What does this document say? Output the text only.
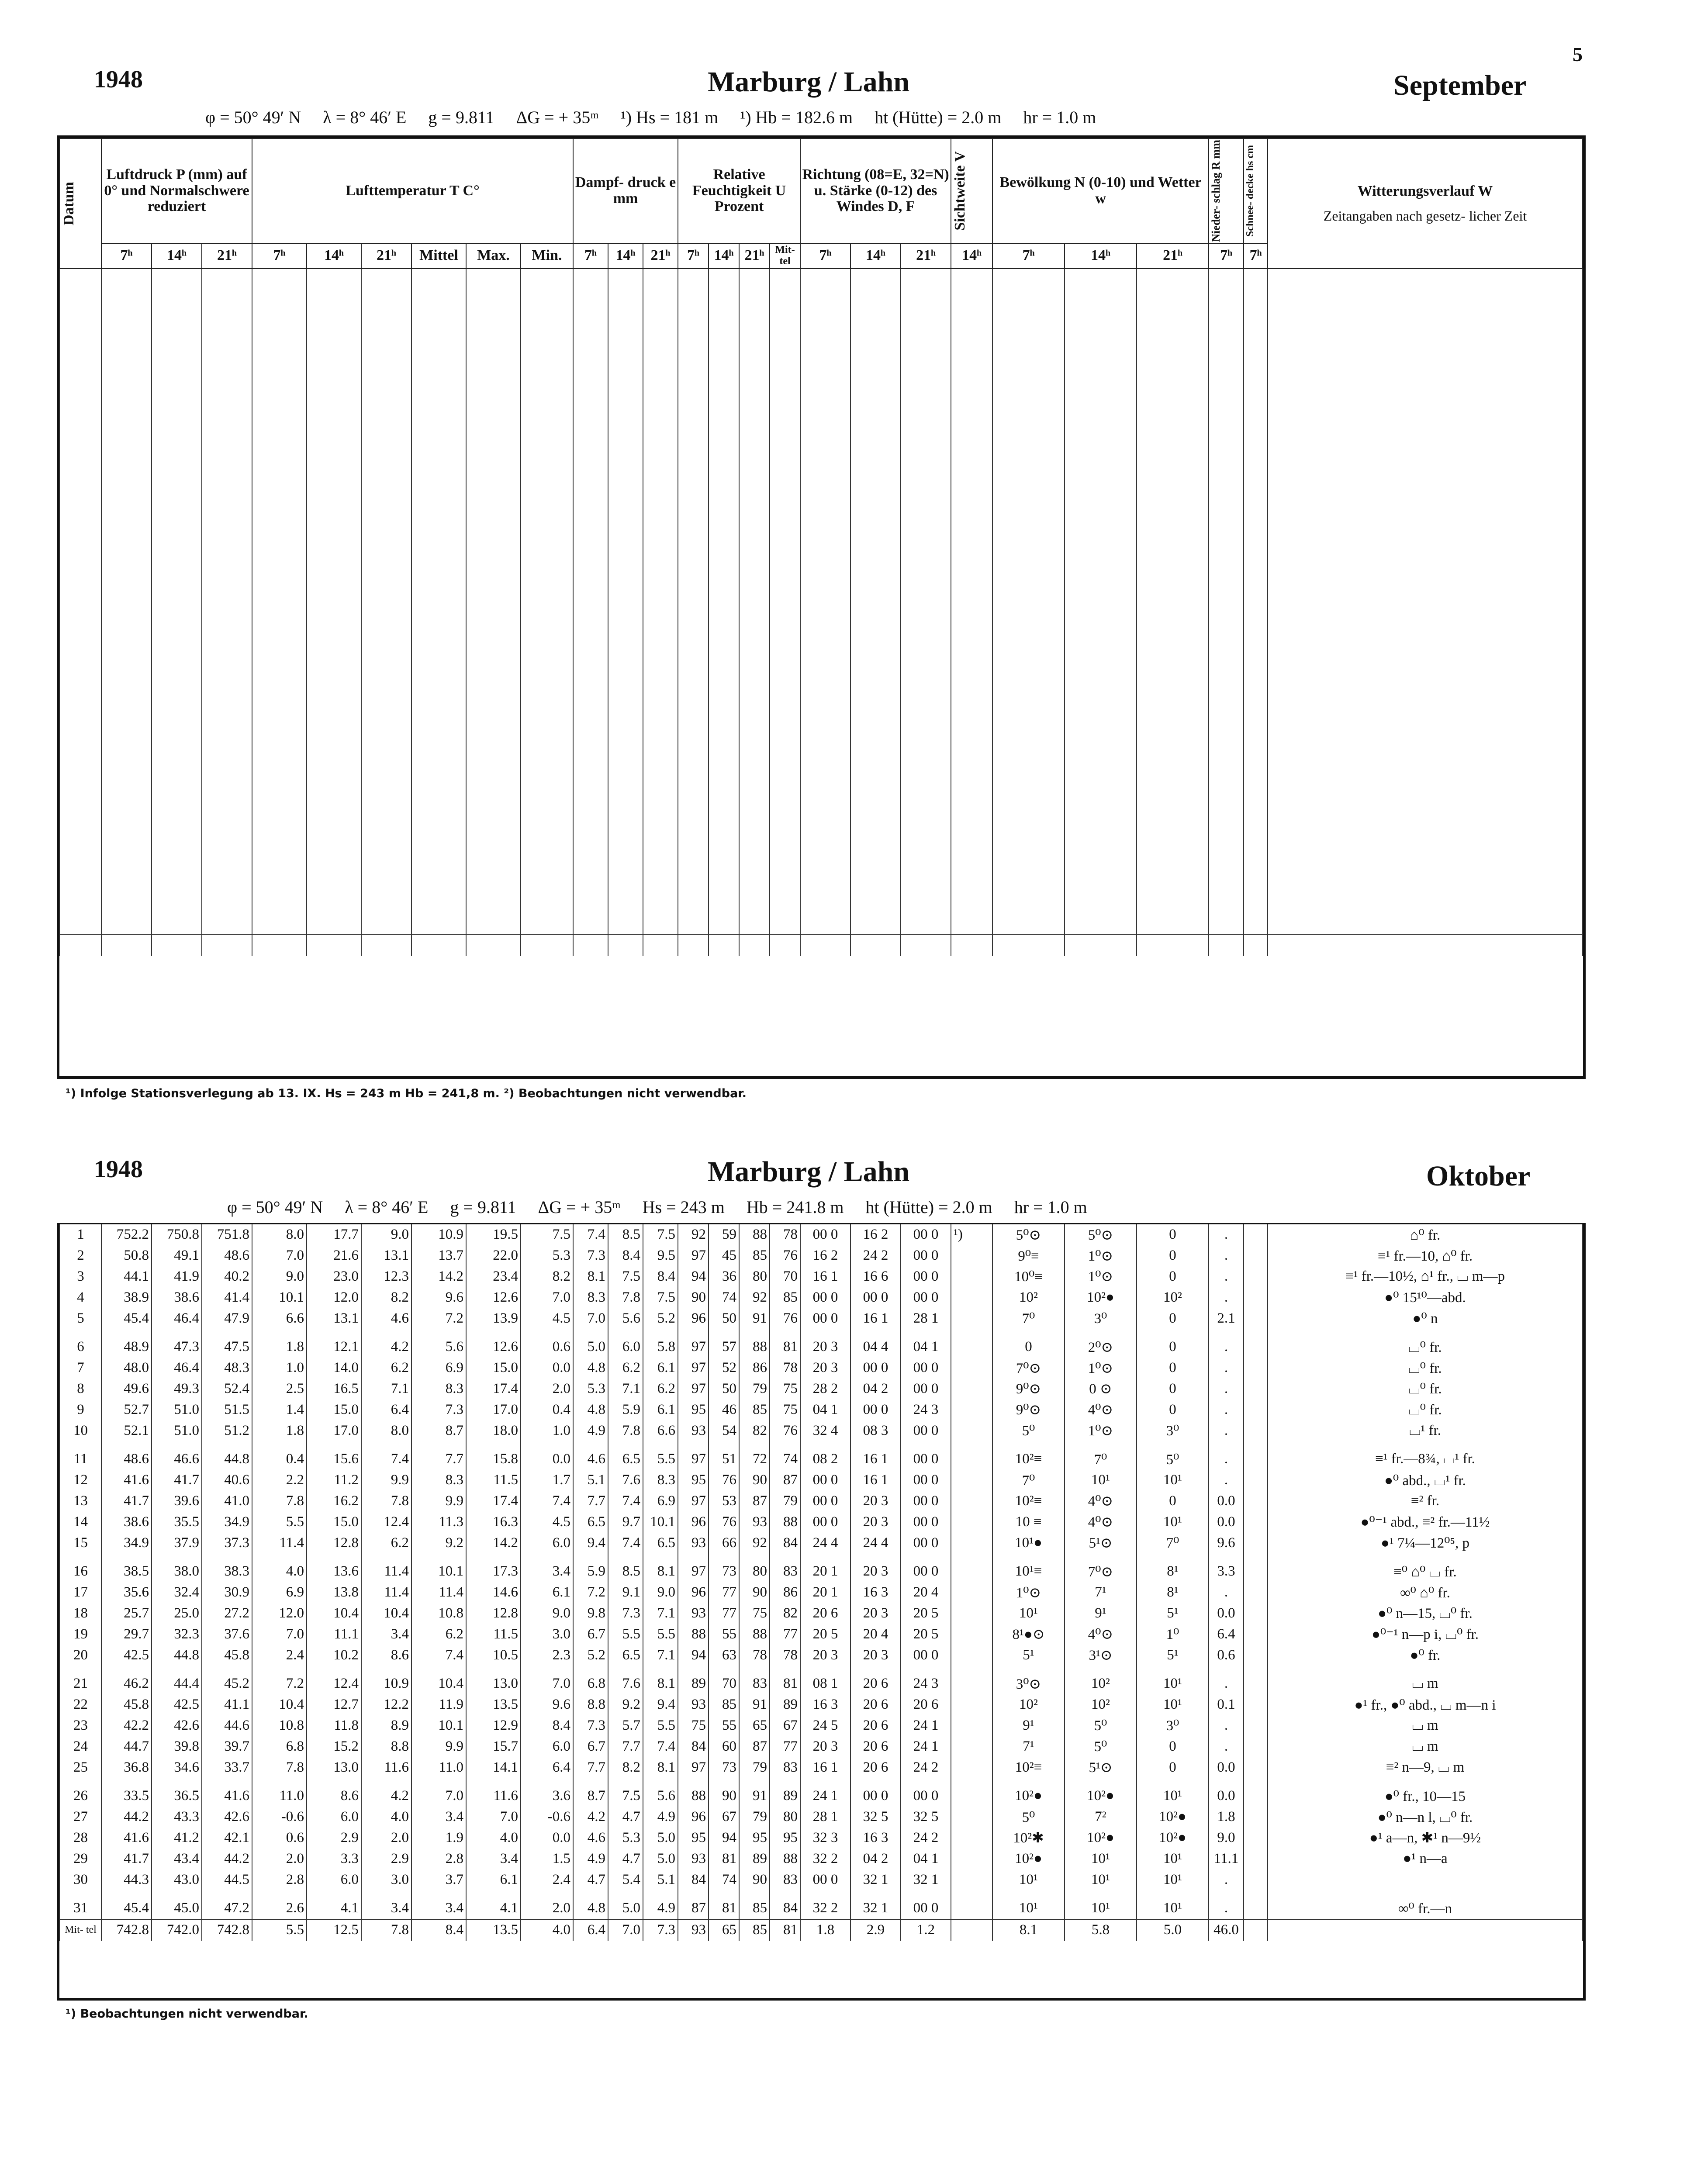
5
1948	Marburg / Lahn	September
φ = 50° 49′ N     λ = 8° 46′ E     g = 9.811     ΔG = + 35ᵐ     ¹) Hs = 181 m     ¹) Hb = 182.6 m     ht (Hütte) = 2.0 m     hr = 1.0 m
Datum	Luftdruck P (mm) auf 0° und Normalschwere reduziert			Lufttemperatur T C°						Dampf- druck e mm			Relative Feuchtigkeit U Prozent				Richtung (08=E, 32=N) u. Stärke (0-12) des Windes D, F			Sichtweite V	Bewölkung N (0-10) und Wetter w			Nieder- schlag R mm	Schnee- decke hs cm	Witterungsverlauf W
Zeitangaben nach gesetz- licher Zeit

	7ʰ	14ʰ	21ʰ	7ʰ	14ʰ	21ʰ	Mittel	Max.	Min.	7ʰ	14ʰ	21ʰ	7ʰ	14ʰ	21ʰ	Mit- tel	7ʰ	14ʰ	21ʰ	14ʰ	7ʰ	14ʰ	21ʰ	7ʰ	7ʰ	

¹) Infolge Stationsverlegung ab 13. IX. Hs = 243 m Hb = 241,8 m. ²) Beobachtungen nicht verwendbar.
1948	Marburg / Lahn	Oktober
φ = 50° 49′ N     λ = 8° 46′ E     g = 9.811     ΔG = + 35ᵐ     Hs = 243 m     Hb = 241.8 m     ht (Hütte) = 2.0 m     hr = 1.0 m
1	752.2	750.8	751.8	8.0	17.7	9.0	10.9	19.5	7.5	7.4	8.5	7.5	92	59	88	78	00 0	16 2	00 0	¹)	5⁰⊙	5⁰⊙	0	.		⌂⁰ fr.
2	50.8	49.1	48.6	7.0	21.6	13.1	13.7	22.0	5.3	7.3	8.4	9.5	97	45	85	76	16 2	24 2	00 0		9⁰≡	1⁰⊙	0	.		≡¹ fr.—10, ⌂⁰ fr.
3	44.1	41.9	40.2	9.0	23.0	12.3	14.2	23.4	8.2	8.1	7.5	8.4	94	36	80	70	16 1	16 6	00 0		10⁰≡	1⁰⊙	0	.		≡¹ fr.—10½, ⌂¹ fr., ⌴ m—p
4	38.9	38.6	41.4	10.1	12.0	8.2	9.6	12.6	7.0	8.3	7.8	7.5	90	74	92	85	00 0	00 0	00 0		10²	10²●	10²	.		●⁰ 15¹⁰—abd.
5	45.4	46.4	47.9	6.6	13.1	4.6	7.2	13.9	4.5	7.0	5.6	5.2	96	50	91	76	00 0	16 1	28 1		7⁰	3⁰	0	2.1		●⁰ n
6	48.9	47.3	47.5	1.8	12.1	4.2	5.6	12.6	0.6	5.0	6.0	5.8	97	57	88	81	20 3	04 4	04 1		0	2⁰⊙	0	.		⌴⁰ fr.
7	48.0	46.4	48.3	1.0	14.0	6.2	6.9	15.0	0.0	4.8	6.2	6.1	97	52	86	78	20 3	00 0	00 0		7⁰⊙	1⁰⊙	0	.		⌴⁰ fr.
8	49.6	49.3	52.4	2.5	16.5	7.1	8.3	17.4	2.0	5.3	7.1	6.2	97	50	79	75	28 2	04 2	00 0		9⁰⊙	0 ⊙	0	.		⌴⁰ fr.
9	52.7	51.0	51.5	1.4	15.0	6.4	7.3	17.0	0.4	4.8	5.9	6.1	95	46	85	75	04 1	00 0	24 3		9⁰⊙	4⁰⊙	0	.		⌴⁰ fr.
10	52.1	51.0	51.2	1.8	17.0	8.0	8.7	18.0	1.0	4.9	7.8	6.6	93	54	82	76	32 4	08 3	00 0		5⁰	1⁰⊙	3⁰	.		⌴¹ fr.
11	48.6	46.6	44.8	0.4	15.6	7.4	7.7	15.8	0.0	4.6	6.5	5.5	97	51	72	74	08 2	16 1	00 0		10²≡	7⁰	5⁰	.		≡¹ fr.—8¾, ⌴¹ fr.
12	41.6	41.7	40.6	2.2	11.2	9.9	8.3	11.5	1.7	5.1	7.6	8.3	95	76	90	87	00 0	16 1	00 0		7⁰	10¹	10¹	.		●⁰ abd., ⌴¹ fr.
13	41.7	39.6	41.0	7.8	16.2	7.8	9.9	17.4	7.4	7.7	7.4	6.9	97	53	87	79	00 0	20 3	00 0		10²≡	4⁰⊙	0	0.0		≡² fr.
14	38.6	35.5	34.9	5.5	15.0	12.4	11.3	16.3	4.5	6.5	9.7	10.1	96	76	93	88	00 0	20 3	00 0		10 ≡	4⁰⊙	10¹	0.0		●⁰⁻¹ abd., ≡² fr.—11½
15	34.9	37.9	37.3	11.4	12.8	6.2	9.2	14.2	6.0	9.4	7.4	6.5	93	66	92	84	24 4	24 4	00 0		10¹●	5¹⊙	7⁰	9.6		●¹ 7¼—12⁰⁵, p
16	38.5	38.0	38.3	4.0	13.6	11.4	10.1	17.3	3.4	5.9	8.5	8.1	97	73	80	83	20 1	20 3	00 0		10¹≡	7⁰⊙	8¹	3.3		≡⁰ ⌂⁰ ⌴ fr.
17	35.6	32.4	30.9	6.9	13.8	11.4	11.4	14.6	6.1	7.2	9.1	9.0	96	77	90	86	20 1	16 3	20 4		1⁰⊙	7¹	8¹	.		∞⁰ ⌂⁰ fr.
18	25.7	25.0	27.2	12.0	10.4	10.4	10.8	12.8	9.0	9.8	7.3	7.1	93	77	75	82	20 6	20 3	20 5		10¹	9¹	5¹	0.0		●⁰ n—15, ⌴⁰ fr.
19	29.7	32.3	37.6	7.0	11.1	3.4	6.2	11.5	3.0	6.7	5.5	5.5	88	55	88	77	20 5	20 4	20 5		8¹●⊙	4⁰⊙	1⁰	6.4		●⁰⁻¹ n—p i, ⌴⁰ fr.
20	42.5	44.8	45.8	2.4	10.2	8.6	7.4	10.5	2.3	5.2	6.5	7.1	94	63	78	78	20 3	20 3	00 0		5¹	3¹⊙	5¹	0.6		●⁰ fr.
21	46.2	44.4	45.2	7.2	12.4	10.9	10.4	13.0	7.0	6.8	7.6	8.1	89	70	83	81	08 1	20 6	24 3		3⁰⊙	10²	10¹	.		⌴ m
22	45.8	42.5	41.1	10.4	12.7	12.2	11.9	13.5	9.6	8.8	9.2	9.4	93	85	91	89	16 3	20 6	20 6		10²	10²	10¹	0.1		●¹ fr., ●⁰ abd., ⌴ m—n i
23	42.2	42.6	44.6	10.8	11.8	8.9	10.1	12.9	8.4	7.3	5.7	5.5	75	55	65	67	24 5	20 6	24 1		9¹	5⁰	3⁰	.		⌴ m
24	44.7	39.8	39.7	6.8	15.2	8.8	9.9	15.7	6.0	6.7	7.7	7.4	84	60	87	77	20 3	20 6	24 1		7¹	5⁰	0	.		⌴ m
25	36.8	34.6	33.7	7.8	13.0	11.6	11.0	14.1	6.4	7.7	8.2	8.1	97	73	79	83	16 1	20 6	24 2		10²≡	5¹⊙	0	0.0		≡² n—9, ⌴ m
26	33.5	36.5	41.6	11.0	8.6	4.2	7.0	11.6	3.6	8.7	7.5	5.6	88	90	91	89	24 1	00 0	00 0		10²●	10²●	10¹	0.0		●⁰ fr., 10—15
27	44.2	43.3	42.6	-0.6	6.0	4.0	3.4	7.0	-0.6	4.2	4.7	4.9	96	67	79	80	28 1	32 5	32 5		5⁰	7²	10²●	1.8		●⁰ n—n l, ⌴⁰ fr.
28	41.6	41.2	42.1	0.6	2.9	2.0	1.9	4.0	0.0	4.6	5.3	5.0	95	94	95	95	32 3	16 3	24 2		10²✱	10²●	10²●	9.0		●¹ a—n, ✱¹ n—9½
29	41.7	43.4	44.2	2.0	3.3	2.9	2.8	3.4	1.5	4.9	4.7	5.0	93	81	89	88	32 2	04 2	04 1		10²●	10¹	10¹	11.1		●¹ n—a
30	44.3	43.0	44.5	2.8	6.0	3.0	3.7	6.1	2.4	4.7	5.4	5.1	84	74	90	83	00 0	32 1	32 1		10¹	10¹	10¹	.		
31	45.4	45.0	47.2	2.6	4.1	3.4	3.4	4.1	2.0	4.8	5.0	4.9	87	81	85	84	32 2	32 1	00 0		10¹	10¹	10¹	.		∞⁰ fr.—n
Mit- tel	742.8	742.0	742.8	5.5	12.5	7.8	8.4	13.5	4.0	6.4	7.0	7.3	93	65	85	81	1.8	2.9	1.2		8.1	5.8	5.0	46.0		
¹) Beobachtungen nicht verwendbar.
